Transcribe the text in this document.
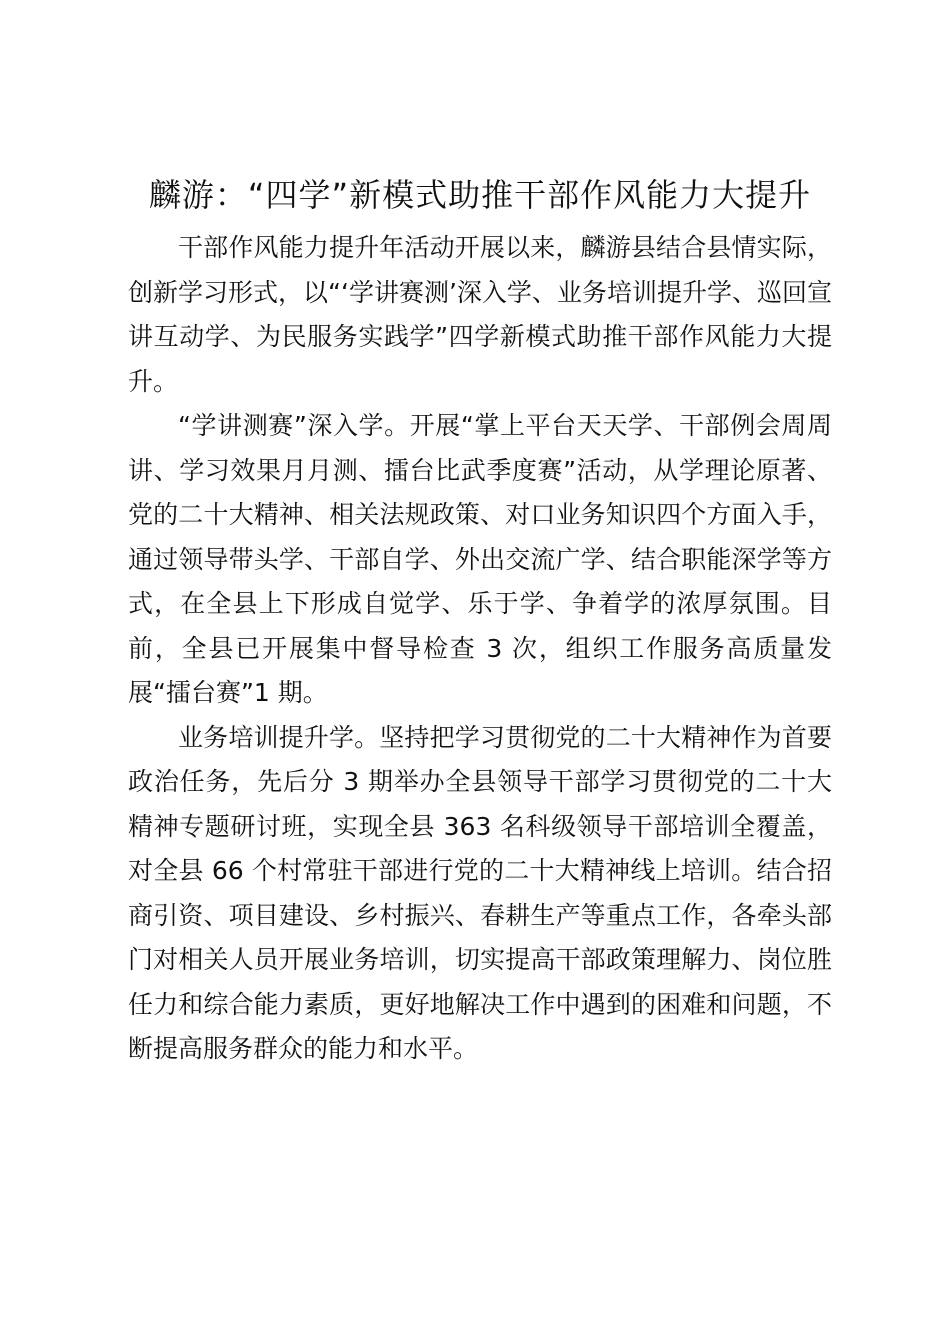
麟游：“四学”新模式助推干部作风能力大提升

干部作风能力提升年活动开展以来，麟游县结合县情实际，创新学习形式，以“‘学讲赛测’深入学、业务培训提升学、巡回宣讲互动学、为民服务实践学”四学新模式助推干部作风能力大提升。

“学讲测赛”深入学。开展“掌上平台天天学、干部例会周周讲、学习效果月月测、擂台比武季度赛”活动，从学理论原著、党的二十大精神、相关法规政策、对口业务知识四个方面入手，通过领导带头学、干部自学、外出交流广学、结合职能深学等方式，在全县上下形成自觉学、乐于学、争着学的浓厚氛围。目前，全县已开展集中督导检查 3 次，组织工作服务高质量发展“擂台赛”1 期。

业务培训提升学。坚持把学习贯彻党的二十大精神作为首要政治任务，先后分 3 期举办全县领导干部学习贯彻党的二十大精神专题研讨班，实现全县 363 名科级领导干部培训全覆盖，对全县 66 个村常驻干部进行党的二十大精神线上培训。结合招商引资、项目建设、乡村振兴、春耕生产等重点工作，各牵头部门对相关人员开展业务培训，切实提高干部政策理解力、岗位胜任力和综合能力素质，更好地解决工作中遇到的困难和问题，不断提高服务群众的能力和水平。
